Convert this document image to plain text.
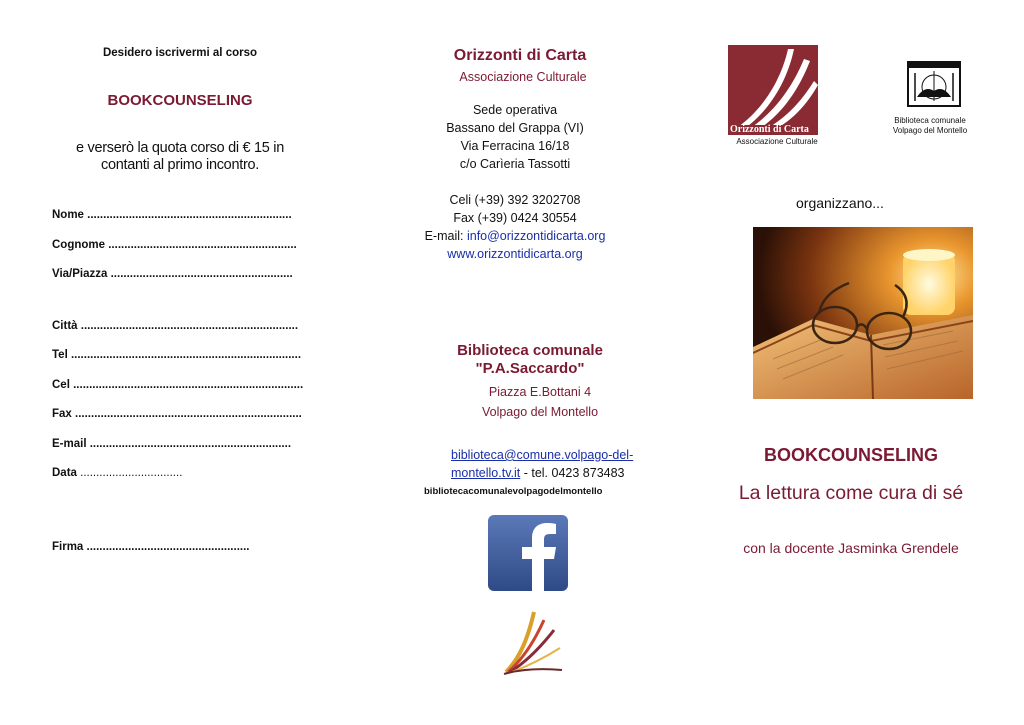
Desidero iscrivermi al corso
BOOKCOUNSELING
e verserò la quota corso di € 15 in
contanti al primo incontro.
Nome ................................................................
Cognome ...........................................................
Via/Piazza .........................................................
Città ....................................................................
Tel ........................................................................
Cel ........................................................................
Fax .......................................................................
E-mail ...............................................................
Data ................................
Firma ...................................................
Orizzonti di Carta
Associazione Culturale
Sede operativa
Bassano del Grappa (VI)
Via Ferracina 16/18
c/o Carìeria Tassotti
Celi (+39) 392 3202708
Fax (+39) 0424 30554
E-mail: info@orizzontidicarta.org
www.orizzontidicarta.org
Biblioteca comunale
"P.A.Saccardo"
Piazza E.Bottani 4
Volpago del Montello
biblioteca@comune.volpago-del-
montello.tv.it - tel. 0423 873483
bibliotecacomunalevolpagodelmontello
Orizzonti di Carta
Associazione Culturale
Biblioteca comunale
Volpago del Montello
organizzano...
BOOKCOUNSELING
La lettura come cura di sé
con la docente Jasminka Grendele
